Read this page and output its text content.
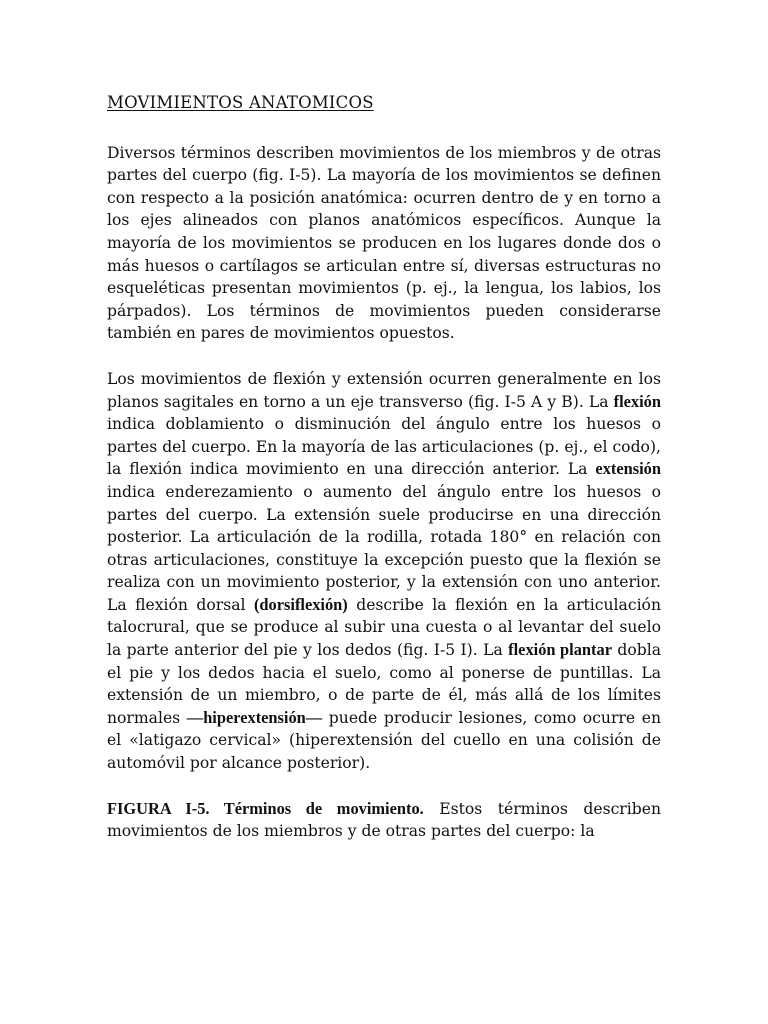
MOVIMIENTOS ANATOMICOS

Diversos términos describen movimientos de los miembros y de otras partes del cuerpo (fig. I-5). La mayoría de los movimientos se definen con respecto a la posición anatómica: ocurren dentro de y en torno a los ejes alineados con planos anatómicos específicos. Aunque la mayoría de los movimientos se producen en los lugares donde dos o más huesos o cartílagos se articulan entre sí, diversas estructuras no esqueléticas presentan movimientos (p. ej., la lengua, los labios, los párpados). Los términos de movimientos pueden considerarse también en pares de movimientos opuestos.

Los movimientos de flexión y extensión ocurren generalmente en los planos sagitales en torno a un eje transverso (fig. I-5 A y B). La flexión indica doblamiento o disminución del ángulo entre los huesos o partes del cuerpo. En la mayoría de las articulaciones (p. ej., el codo), la flexión indica movimiento en una dirección anterior. La extensión indica enderezamiento o aumento del ángulo entre los huesos o partes del cuerpo. La extensión suele producirse en una dirección posterior. La articulación de la rodilla, rotada 180° en relación con otras articulaciones, constituye la excepción puesto que la flexión se realiza con un movimiento posterior, y la extensión con uno anterior. La flexión dorsal (dorsiflexión) describe la flexión en la articulación talocrural, que se produce al subir una cuesta o al levantar del suelo la parte anterior del pie y los dedos (fig. I-5 I). La flexión plantar dobla el pie y los dedos hacia el suelo, como al ponerse de puntillas. La extensión de un miembro, o de parte de él, más allá de los límites normales —hiperextensión— puede producir lesiones, como ocurre en el «latigazo cervical» (hiperextensión del cuello en una colisión de automóvil por alcance posterior).

FIGURA I-5. Términos de movimiento. Estos términos describen movimientos de los miembros y de otras partes del cuerpo: la
